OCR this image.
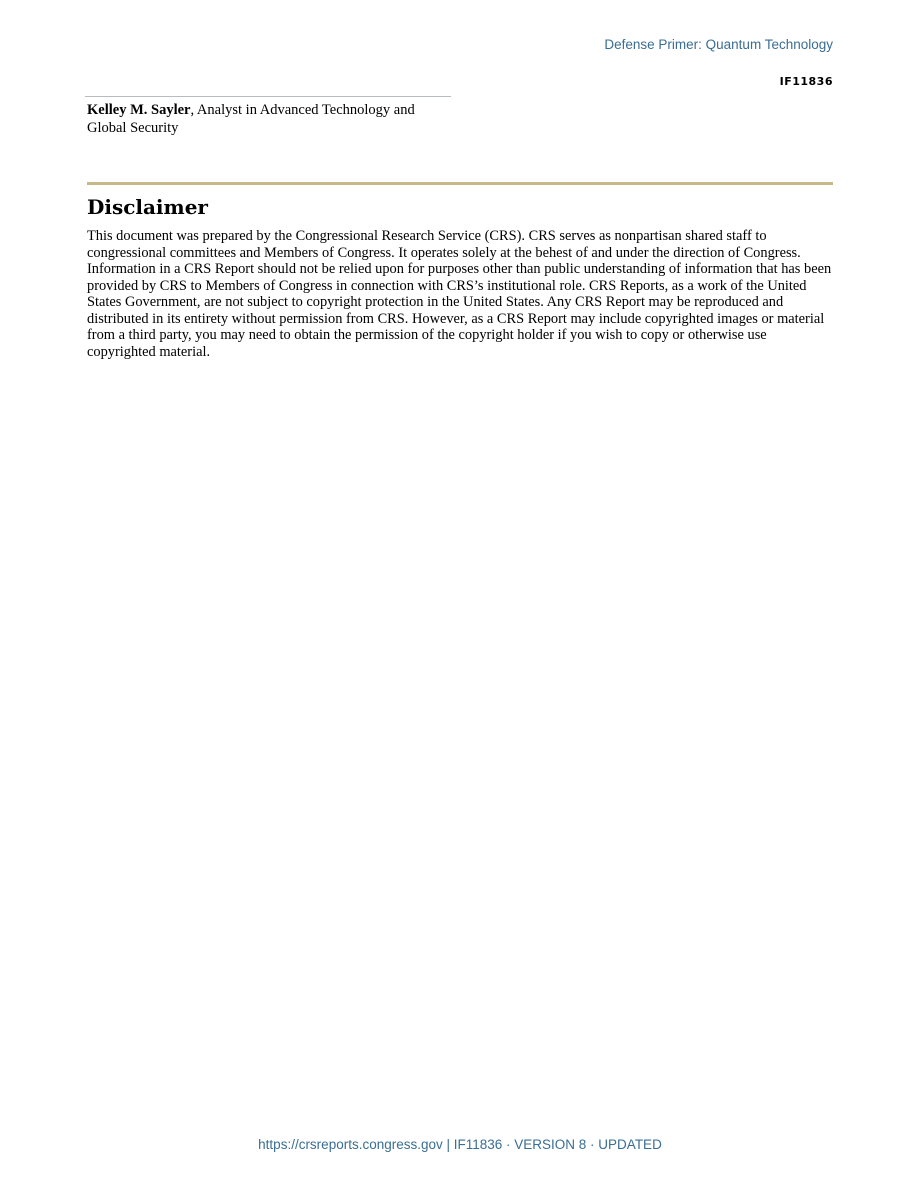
Defense Primer: Quantum Technology
IF11836
Kelley M. Sayler, Analyst in Advanced Technology and Global Security
Disclaimer

This document was prepared by the Congressional Research Service (CRS). CRS serves as nonpartisan shared staff to congressional committees and Members of Congress. It operates solely at the behest of and under the direction of Congress. Information in a CRS Report should not be relied upon for purposes other than public understanding of information that has been provided by CRS to Members of Congress in connection with CRS’s institutional role. CRS Reports, as a work of the United States Government, are not subject to copyright protection in the United States. Any CRS Report may be reproduced and distributed in its entirety without permission from CRS. However, as a CRS Report may include copyrighted images or material from a third party, you may need to obtain the permission of the copyright holder if you wish to copy or otherwise use copyrighted material.

https://crsreports.congress.gov | IF11836 · VERSION 8 · UPDATED
